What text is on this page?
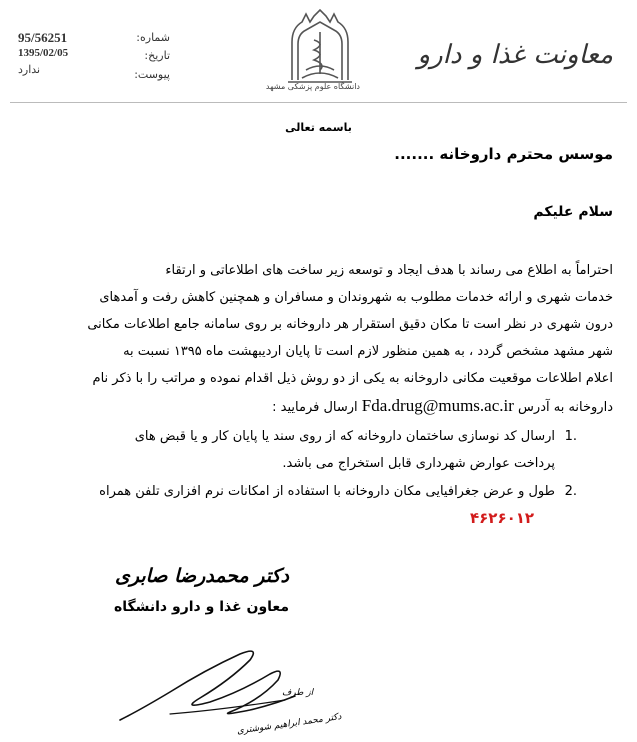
95/56251
1395/02/05
ندارد
شماره:
تاریخ:
پیوست:
دانشگاه علوم پزشکی مشهد
معاونت غذا و دارو
باسمه تعالی
موسس محترم داروخانه .......
سلام علیکم
احتراماً به اطلاع می رساند با هدف ایجاد و توسعه زیر ساخت های اطلاعاتی و ارتقاء
خدمات شهری و ارائه خدمات مطلوب به شهروندان و مسافران و همچنین کاهش رفت و آمدهای
درون شهری در نظر است تا مکان دقیق استقرار هر داروخانه بر روی سامانه جامع اطلاعات مکانی
شهر مشهد مشخص گردد ، به همین منظور لازم است تا پایان اردیبهشت ماه ۱۳۹۵ نسبت به
اعلام اطلاعات موقعیت مکانی داروخانه به یکی از دو روش ذیل اقدام نموده و مراتب را با ذکر نام
داروخانه به آدرس Fda.drug@mums.ac.ir ارسال فرمایید :
1.
ارسال کد نوسازی ساختمان داروخانه که از روی سند یا پایان کار و یا قبض های
پرداخت عوارض شهرداری قابل استخراج می باشد.
2.
طول و عرض جغرافیایی مکان داروخانه با استفاده از امکانات نرم افزاری تلفن همراه
۴۶۲۶۰۱۲
دکتر محمدرضا صابری
معاون غذا و دارو دانشگاه
از طرف
دکتر محمد ابراهیم شوشتری
